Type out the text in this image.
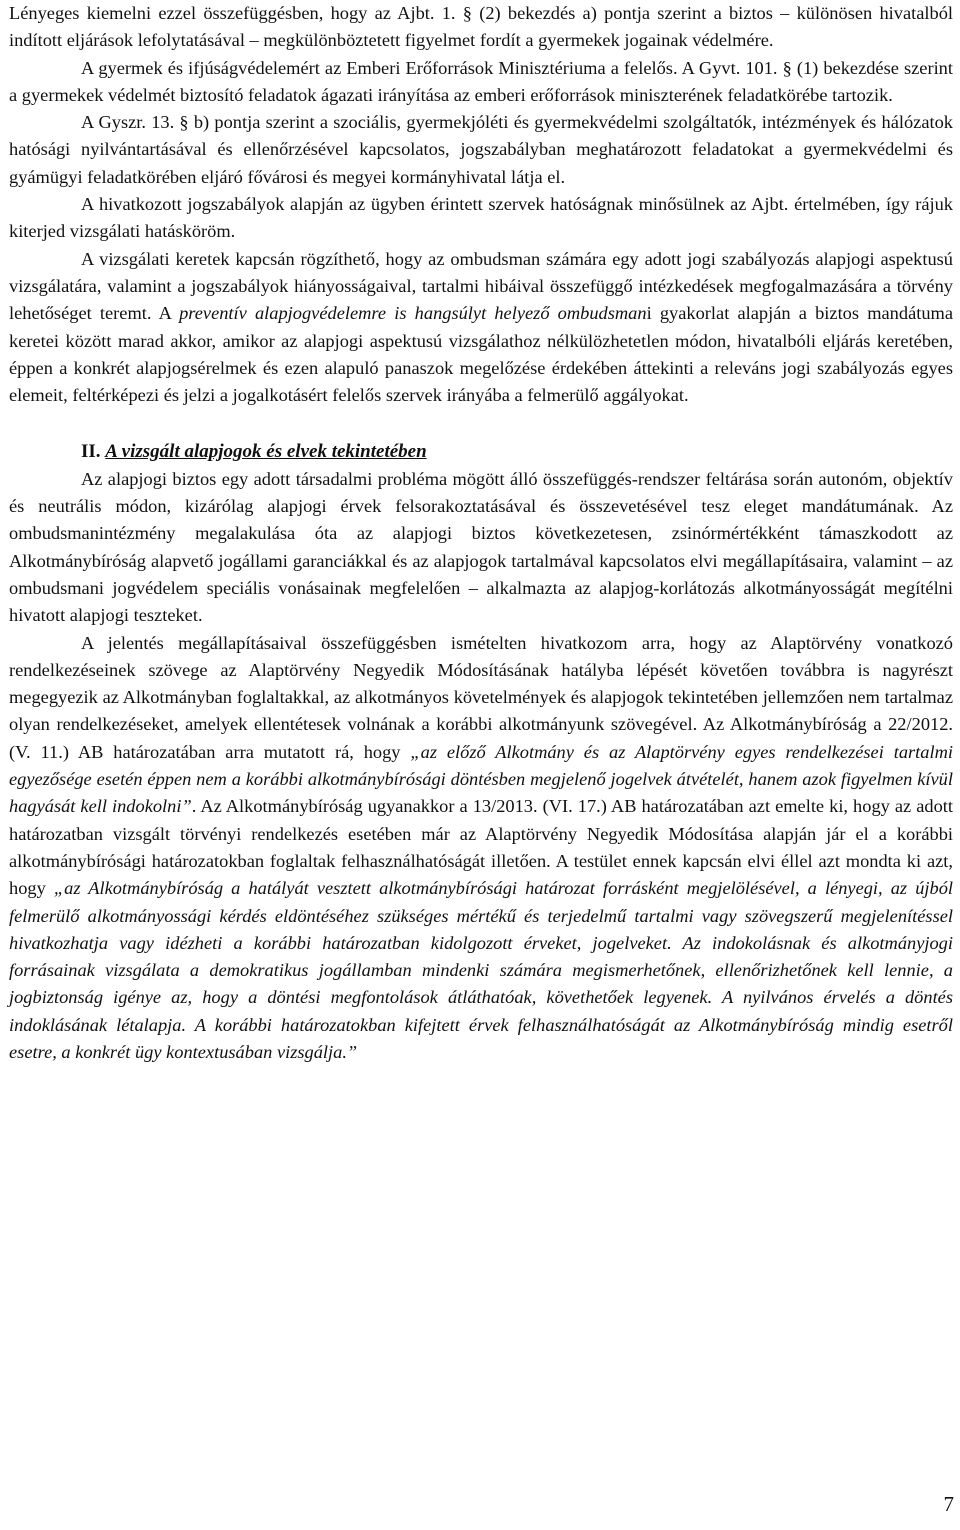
Lényeges kiemelni ezzel összefüggésben, hogy az Ajbt. 1. § (2) bekezdés a) pontja szerint a biztos – különösen hivatalból indított eljárások lefolytatásával – megkülönböztetett figyelmet fordít a gyermekek jogainak védelmére.

A gyermek és ifjúságvédelemért az Emberi Erőforrások Minisztériuma a felelős. A Gyvt. 101. § (1) bekezdése szerint a gyermekek védelmét biztosító feladatok ágazati irányítása az emberi erőforrások miniszterének feladatkörébe tartozik.

A Gyszr. 13. § b) pontja szerint a szociális, gyermekjóléti és gyermekvédelmi szolgáltatók, intézmények és hálózatok hatósági nyilvántartásával és ellenőrzésével kapcsolatos, jogszabályban meghatározott feladatokat a gyermekvédelmi és gyámügyi feladatkörében eljáró fővárosi és megyei kormányhivatal látja el.

A hivatkozott jogszabályok alapján az ügyben érintett szervek hatóságnak minősülnek az Ajbt. értelmében, így rájuk kiterjed vizsgálati hatásköröm.

A vizsgálati keretek kapcsán rögzíthető, hogy az ombudsman számára egy adott jogi szabályozás alapjogi aspektusú vizsgálatára, valamint a jogszabályok hiányosságaival, tartalmi hibáival összefüggő intézkedések megfogalmazására a törvény lehetőséget teremt. A preventív alapjogvédelemre is hangsúlyt helyező ombudsmani gyakorlat alapján a biztos mandátuma keretei között marad akkor, amikor az alapjogi aspektusú vizsgálathoz nélkülözhetetlen módon, hivatalbóli eljárás keretében, éppen a konkrét alapjogsérelmek és ezen alapuló panaszok megelőzése érdekében áttekinti a releváns jogi szabályozás egyes elemeit, feltérképezi és jelzi a jogalkotásért felelős szervek irányába a felmerülő aggályokat.

II. A vizsgált alapjogok és elvek tekintetében

Az alapjogi biztos egy adott társadalmi probléma mögött álló összefüggés-rendszer feltárása során autonóm, objektív és neutrális módon, kizárólag alapjogi érvek felsorakoztatásával és összevetésével tesz eleget mandátumának. Az ombudsmanintézmény megalakulása óta az alapjogi biztos következetesen, zsinórmértékként támaszkodott az Alkotmánybíróság alapvető jogállami garanciákkal és az alapjogok tartalmával kapcsolatos elvi megállapításaira, valamint – az ombudsmani jogvédelem speciális vonásainak megfelelően – alkalmazta az alapjog-korlátozás alkotmányosságát megítélni hivatott alapjogi teszteket.

A jelentés megállapításaival összefüggésben ismételten hivatkozom arra, hogy az Alaptörvény vonatkozó rendelkezéseinek szövege az Alaptörvény Negyedik Módosításának hatályba lépését követően továbbra is nagyrészt megegyezik az Alkotmányban foglaltakkal, az alkotmányos követelmények és alapjogok tekintetében jellemzően nem tartalmaz olyan rendelkezéseket, amelyek ellentétesek volnának a korábbi alkotmányunk szövegével. Az Alkotmánybíróság a 22/2012. (V. 11.) AB határozatában arra mutatott rá, hogy „az előző Alkotmány és az Alaptörvény egyes rendelkezései tartalmi egyezősége esetén éppen nem a korábbi alkotmánybírósági döntésben megjelenő jogelvek átvételét, hanem azok figyelmen kívül hagyását kell indokolni”. Az Alkotmánybíróság ugyanakkor a 13/2013. (VI. 17.) AB határozatában azt emelte ki, hogy az adott határozatban vizsgált törvényi rendelkezés esetében már az Alaptörvény Negyedik Módosítása alapján jár el a korábbi alkotmánybírósági határozatokban foglaltak felhasználhatóságát illetően. A testület ennek kapcsán elvi éllel azt mondta ki azt, hogy „az Alkotmánybíróság a hatályát vesztett alkotmánybírósági határozat forrásként megjelölésével, a lényegi, az újból felmerülő alkotmányossági kérdés eldöntéséhez szükséges mértékű és terjedelmű tartalmi vagy szövegszerű megjelenítéssel hivatkozhatja vagy idézheti a korábbi határozatban kidolgozott érveket, jogelveket. Az indokolásnak és alkotmányjogi forrásainak vizsgálata a demokratikus jogállamban mindenki számára megismerhetőnek, ellenőrizhetőnek kell lennie, a jogbiztonság igénye az, hogy a döntési megfontolások átláthatóak, követhetőek legyenek. A nyilvános érvelés a döntés indoklásának létalapja. A korábbi határozatokban kifejtett érvek felhasználhatóságát az Alkotmánybíróság mindig esetről esetre, a konkrét ügy kontextusában vizsgálja.”

7
